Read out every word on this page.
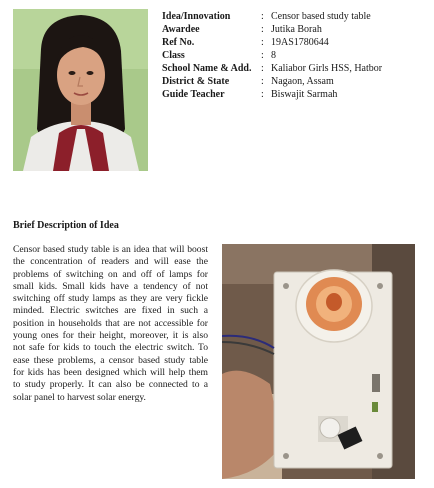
Idea/Innovation	: Censor based study table
Awardee	: Jutika Borah
Ref No.	: 19AS1780644
Class	: 8
School Name & Add. : Kaliabor Girls HSS, Hatbor
District & State	: Nagaon, Assam
Guide Teacher	: Biswajit Sarmah
Brief Description of Idea

Censor based study table is an idea that will boost the concentration of readers and will ease the problems of switching on and off of lamps for small kids. Small kids have a tendency of not switching off study lamps as they are very fickle minded. Electric switches are fixed in such a position in households that are not accessible for young ones for their height, moreover, it is also not safe for kids to touch the electric switch. To ease these problems, a censor based study table for kids has been designed which will help them to study properly. It can also be connected to a solar panel to harvest solar energy.
